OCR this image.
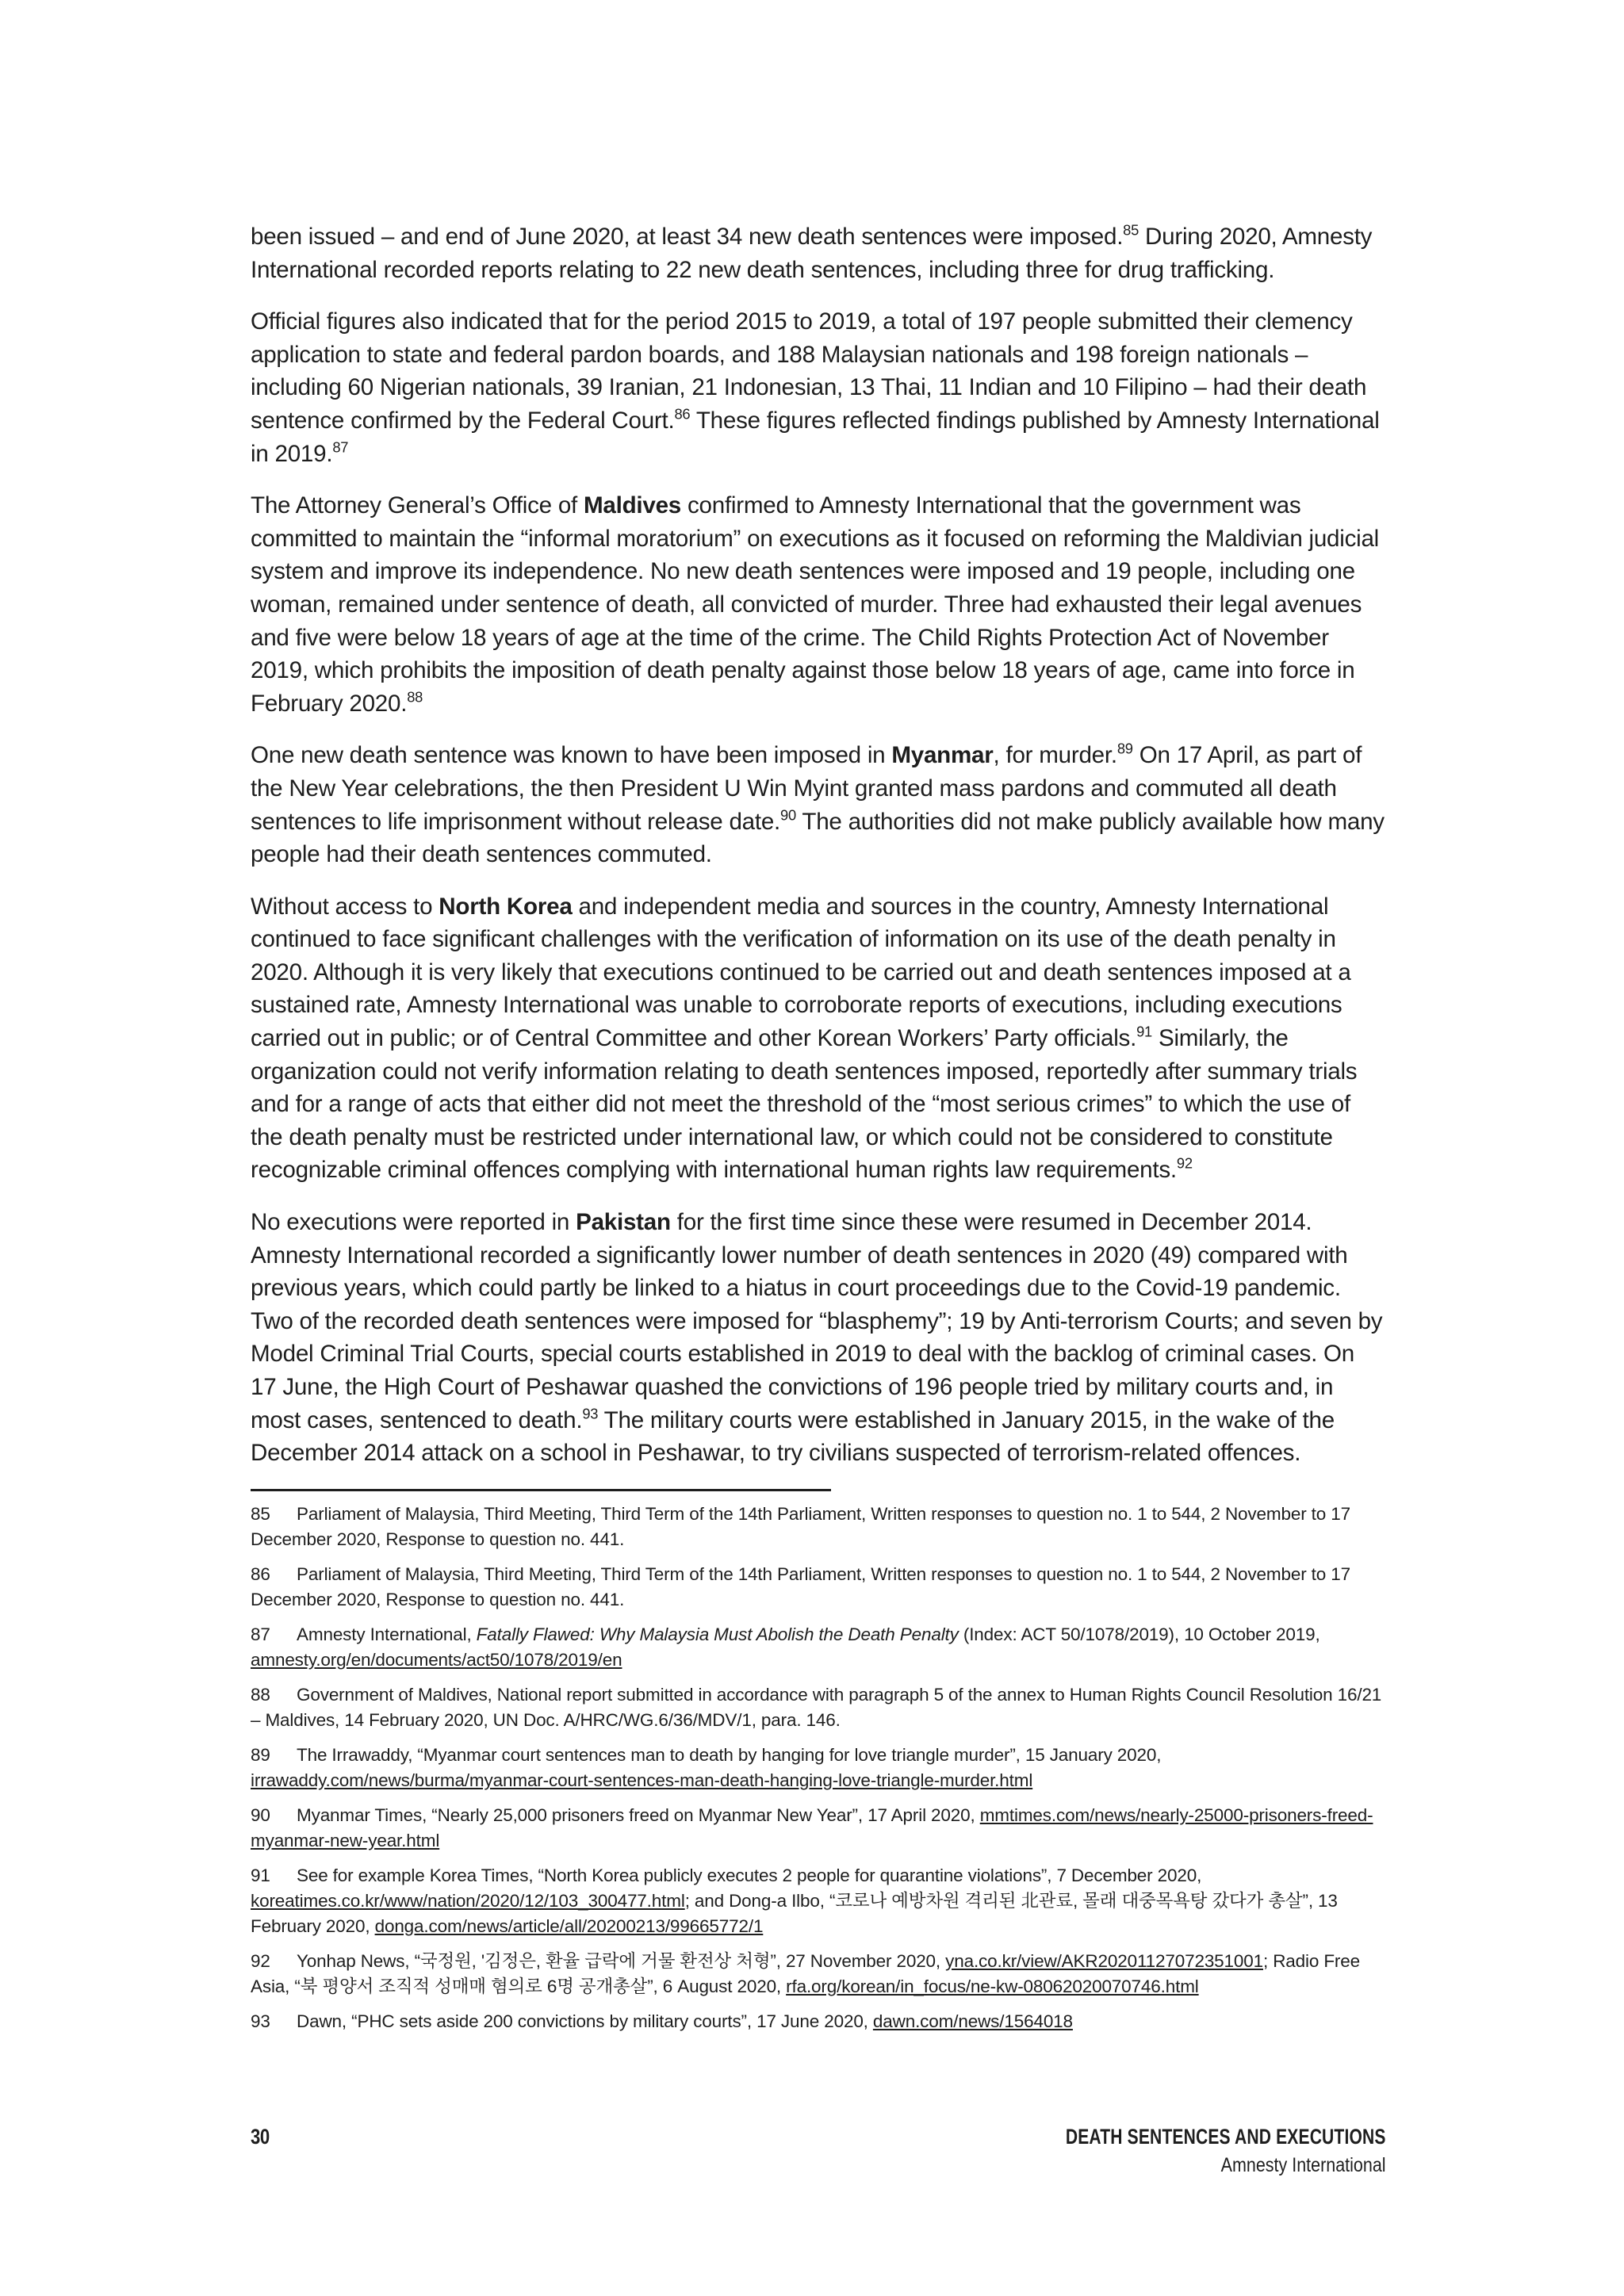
been issued – and end of June 2020, at least 34 new death sentences were imposed.$^{85}$ During 2020, Amnesty International recorded reports relating to 22 new death sentences, including three for drug trafficking.

Official figures also indicated that for the period 2015 to 2019, a total of 197 people submitted their clemency application to state and federal pardon boards, and 188 Malaysian nationals and 198 foreign nationals – including 60 Nigerian nationals, 39 Iranian, 21 Indonesian, 13 Thai, 11 Indian and 10 Filipino – had their death sentence confirmed by the Federal Court.$^{86}$ These figures reflected findings published by Amnesty International in 2019.87

The Attorney General’s Office of Maldives confirmed to Amnesty International that the government was committed to maintain the “informal moratorium” on executions as it focused on reforming the Maldivian judicial system and improve its independence. No new death sentences were imposed and 19 people, including one woman, remained under sentence of death, all convicted of murder. Three had exhausted their legal avenues and five were below 18 years of age at the time of the crime. The Child Rights Protection Act of November 2019, which prohibits the imposition of death penalty against those below 18 years of age, came into force in February 2020.88

One new death sentence was known to have been imposed in Myanmar, for murder.$^{89}$ On 17 April, as part of the New Year celebrations, the then President U Win Myint granted mass pardons and commuted all death sentences to life imprisonment without release date.$^{90}$ The authorities did not make publicly available how many people had their death sentences commuted.

Without access to North Korea and independent media and sources in the country, Amnesty International continued to face significant challenges with the verification of information on its use of the death penalty in 2020. Although it is very likely that executions continued to be carried out and death sentences imposed at a sustained rate, Amnesty International was unable to corroborate reports of executions, including executions carried out in public; or of Central Committee and other Korean Workers’ Party officials.$^{91}$ Similarly, the organization could not verify information relating to death sentences imposed, reportedly after summary trials and for a range of acts that either did not meet the threshold of the “most serious crimes” to which the use of the death penalty must be restricted under international law, or which could not be considered to constitute recognizable criminal offences complying with international human rights law requirements.$^{92}$

No executions were reported in Pakistan for the first time since these were resumed in December 2014. Amnesty International recorded a significantly lower number of death sentences in 2020 (49) compared with previous years, which could partly be linked to a hiatus in court proceedings due to the Covid-19 pandemic. Two of the recorded death sentences were imposed for “blasphemy”; 19 by Anti-terrorism Courts; and seven by Model Criminal Trial Courts, special courts established in 2019 to deal with the backlog of criminal cases. On 17 June, the High Court of Peshawar quashed the convictions of 196 people tried by military courts and, in most cases, sentenced to death.$^{93}$ The military courts were established in January 2015, in the wake of the December 2014 attack on a school in Peshawar, to try civilians suspected of terrorism-related offences.

85 Parliament of Malaysia, Third Meeting, Third Term of the 14th Parliament, Written responses to question no. 1 to 544, 2 November to 17 December 2020, Response to question no. 441.
86 Parliament of Malaysia, Third Meeting, Third Term of the 14th Parliament, Written responses to question no. 1 to 544, 2 November to 17 December 2020, Response to question no. 441.
87 Amnesty International, Fatally Flawed: Why Malaysia Must Abolish the Death Penalty (Index: ACT 50/1078/2019), 10 October 2019, amnesty.org/en/documents/act50/1078/2019/en
88 Government of Maldives, National report submitted in accordance with paragraph 5 of the annex to Human Rights Council Resolution 16/21 – Maldives, 14 February 2020, UN Doc. A/HRC/WG.6/36/MDV/1, para. 146.
89 The Irrawaddy, “Myanmar court sentences man to death by hanging for love triangle murder”, 15 January 2020, irrawaddy.com/news/burma/myanmar-court-sentences-man-death-hanging-love-triangle-murder.html
90 Myanmar Times, “Nearly 25,000 prisoners freed on Myanmar New Year”, 17 April 2020, mmtimes.com/news/nearly-25000-prisoners-freed-myanmar-new-year.html
91 See for example Korea Times, “North Korea publicly executes 2 people for quarantine violations”, 7 December 2020, koreatimes.co.kr/www/nation/2020/12/103_300477.html; and Dong-a Ilbo, “코로나 예방차원 격리된 北관료, 몰래 대중목욕탕 갔다가 총살”, 13 February 2020, donga.com/news/article/all/20200213/99665772/1
92 Yonhap News, “국정원, '김정은, 환율 급락에 거물 환전상 처형”, 27 November 2020, yna.co.kr/view/AKR20201127072351001; Radio Free Asia, “북 평양서 조직적 성매매 혐의로 6명 공개총살”, 6 August 2020, rfa.org/korean/in_focus/ne-kw-08062020070746.html
93 Dawn, “PHC sets aside 200 convictions by military courts”, 17 June 2020, dawn.com/news/1564018
30	DEATH SENTENCES AND EXECUTIONS
Amnesty International
